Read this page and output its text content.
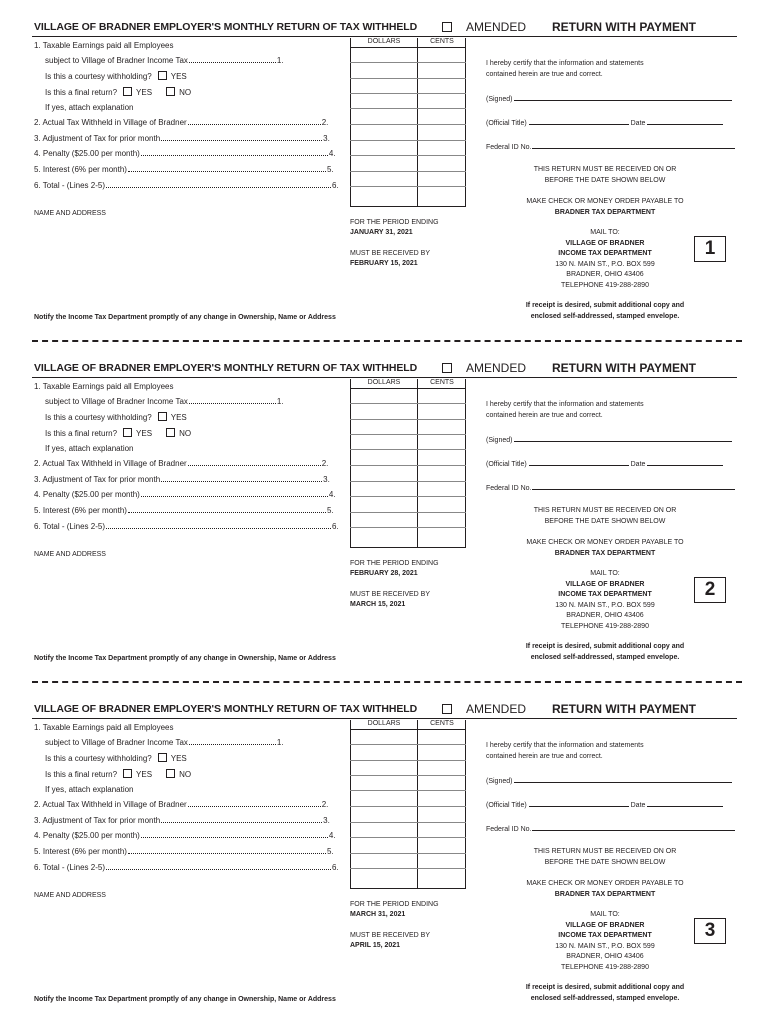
VILLAGE OF BRADNER EMPLOYER'S MONTHLY RETURN OF TAX WITHHELD	AMENDED RETURN WITH PAYMENT
DOLLARS	CENTS
1. Taxable Earnings paid all Employees
subject to Village of Bradner Income Tax	1.
Is this a courtesy withholding? YES
Is this a final return? YES	NO
If yes, attach explanation
2. Actual Tax Withheld in Village of Bradner	2.
3. Adjustment of Tax for prior month	3.
4. Penalty ($25.00 per month)	4.
5. Interest (6% per month)	5.
6. Total - (Lines 2-5)	6.
NAME AND ADDRESS
FOR THE PERIOD ENDING
JANUARY 31, 2021
MUST BE RECEIVED BY
FEBRUARY 15, 2021
Notify the Income Tax Department promptly of any change in Ownership, Name or Address
I hereby certify that the information and statements
contained herein are true and correct.
(Signed)
(Official Title)	Date
Federal ID No.
THIS RETURN MUST BE RECEIVED ON OR
BEFORE THE DATE SHOWN BELOW
MAKE CHECK OR MONEY ORDER PAYABLE TO
BRADNER TAX DEPARTMENT
MAIL TO:
VILLAGE OF BRADNER
INCOME TAX DEPARTMENT
130 N. MAIN ST., P.O. BOX 599
BRADNER, OHIO 43406
TELEPHONE 419-288-2890
1
If receipt is desired, submit additional copy and
enclosed self-addressed, stamped envelope.
VILLAGE OF BRADNER EMPLOYER'S MONTHLY RETURN OF TAX WITHHELD	AMENDED RETURN WITH PAYMENT
DOLLARS	CENTS
1. Taxable Earnings paid all Employees
subject to Village of Bradner Income Tax	1.
Is this a courtesy withholding? YES
Is this a final return? YES	NO
If yes, attach explanation
2. Actual Tax Withheld in Village of Bradner	2.
3. Adjustment of Tax for prior month	3.
4. Penalty ($25.00 per month)	4.
5. Interest (6% per month)	5.
6. Total - (Lines 2-5)	6.
NAME AND ADDRESS
FOR THE PERIOD ENDING
FEBRUARY 28, 2021
MUST BE RECEIVED BY
MARCH 15, 2021
Notify the Income Tax Department promptly of any change in Ownership, Name or Address
I hereby certify that the information and statements
contained herein are true and correct.
(Signed)
(Official Title)	Date
Federal ID No.
THIS RETURN MUST BE RECEIVED ON OR
BEFORE THE DATE SHOWN BELOW
MAKE CHECK OR MONEY ORDER PAYABLE TO
BRADNER TAX DEPARTMENT
MAIL TO:
VILLAGE OF BRADNER
INCOME TAX DEPARTMENT
130 N. MAIN ST., P.O. BOX 599
BRADNER, OHIO 43406
TELEPHONE 419-288-2890
2
If receipt is desired, submit additional copy and
enclosed self-addressed, stamped envelope.
VILLAGE OF BRADNER EMPLOYER'S MONTHLY RETURN OF TAX WITHHELD	AMENDED RETURN WITH PAYMENT
DOLLARS	CENTS
1. Taxable Earnings paid all Employees
subject to Village of Bradner Income Tax	1.
Is this a courtesy withholding? YES
Is this a final return? YES	NO
If yes, attach explanation
2. Actual Tax Withheld in Village of Bradner	2.
3. Adjustment of Tax for prior month	3.
4. Penalty ($25.00 per month)	4.
5. Interest (6% per month)	5.
6. Total - (Lines 2-5)	6.
NAME AND ADDRESS
FOR THE PERIOD ENDING
MARCH 31, 2021
MUST BE RECEIVED BY
APRIL 15, 2021
Notify the Income Tax Department promptly of any change in Ownership, Name or Address
I hereby certify that the information and statements
contained herein are true and correct.
(Signed)
(Official Title)	Date
Federal ID No.
THIS RETURN MUST BE RECEIVED ON OR
BEFORE THE DATE SHOWN BELOW
MAKE CHECK OR MONEY ORDER PAYABLE TO
BRADNER TAX DEPARTMENT
MAIL TO:
VILLAGE OF BRADNER
INCOME TAX DEPARTMENT
130 N. MAIN ST., P.O. BOX 599
BRADNER, OHIO 43406
TELEPHONE 419-288-2890
3
If receipt is desired, submit additional copy and
enclosed self-addressed, stamped envelope.
